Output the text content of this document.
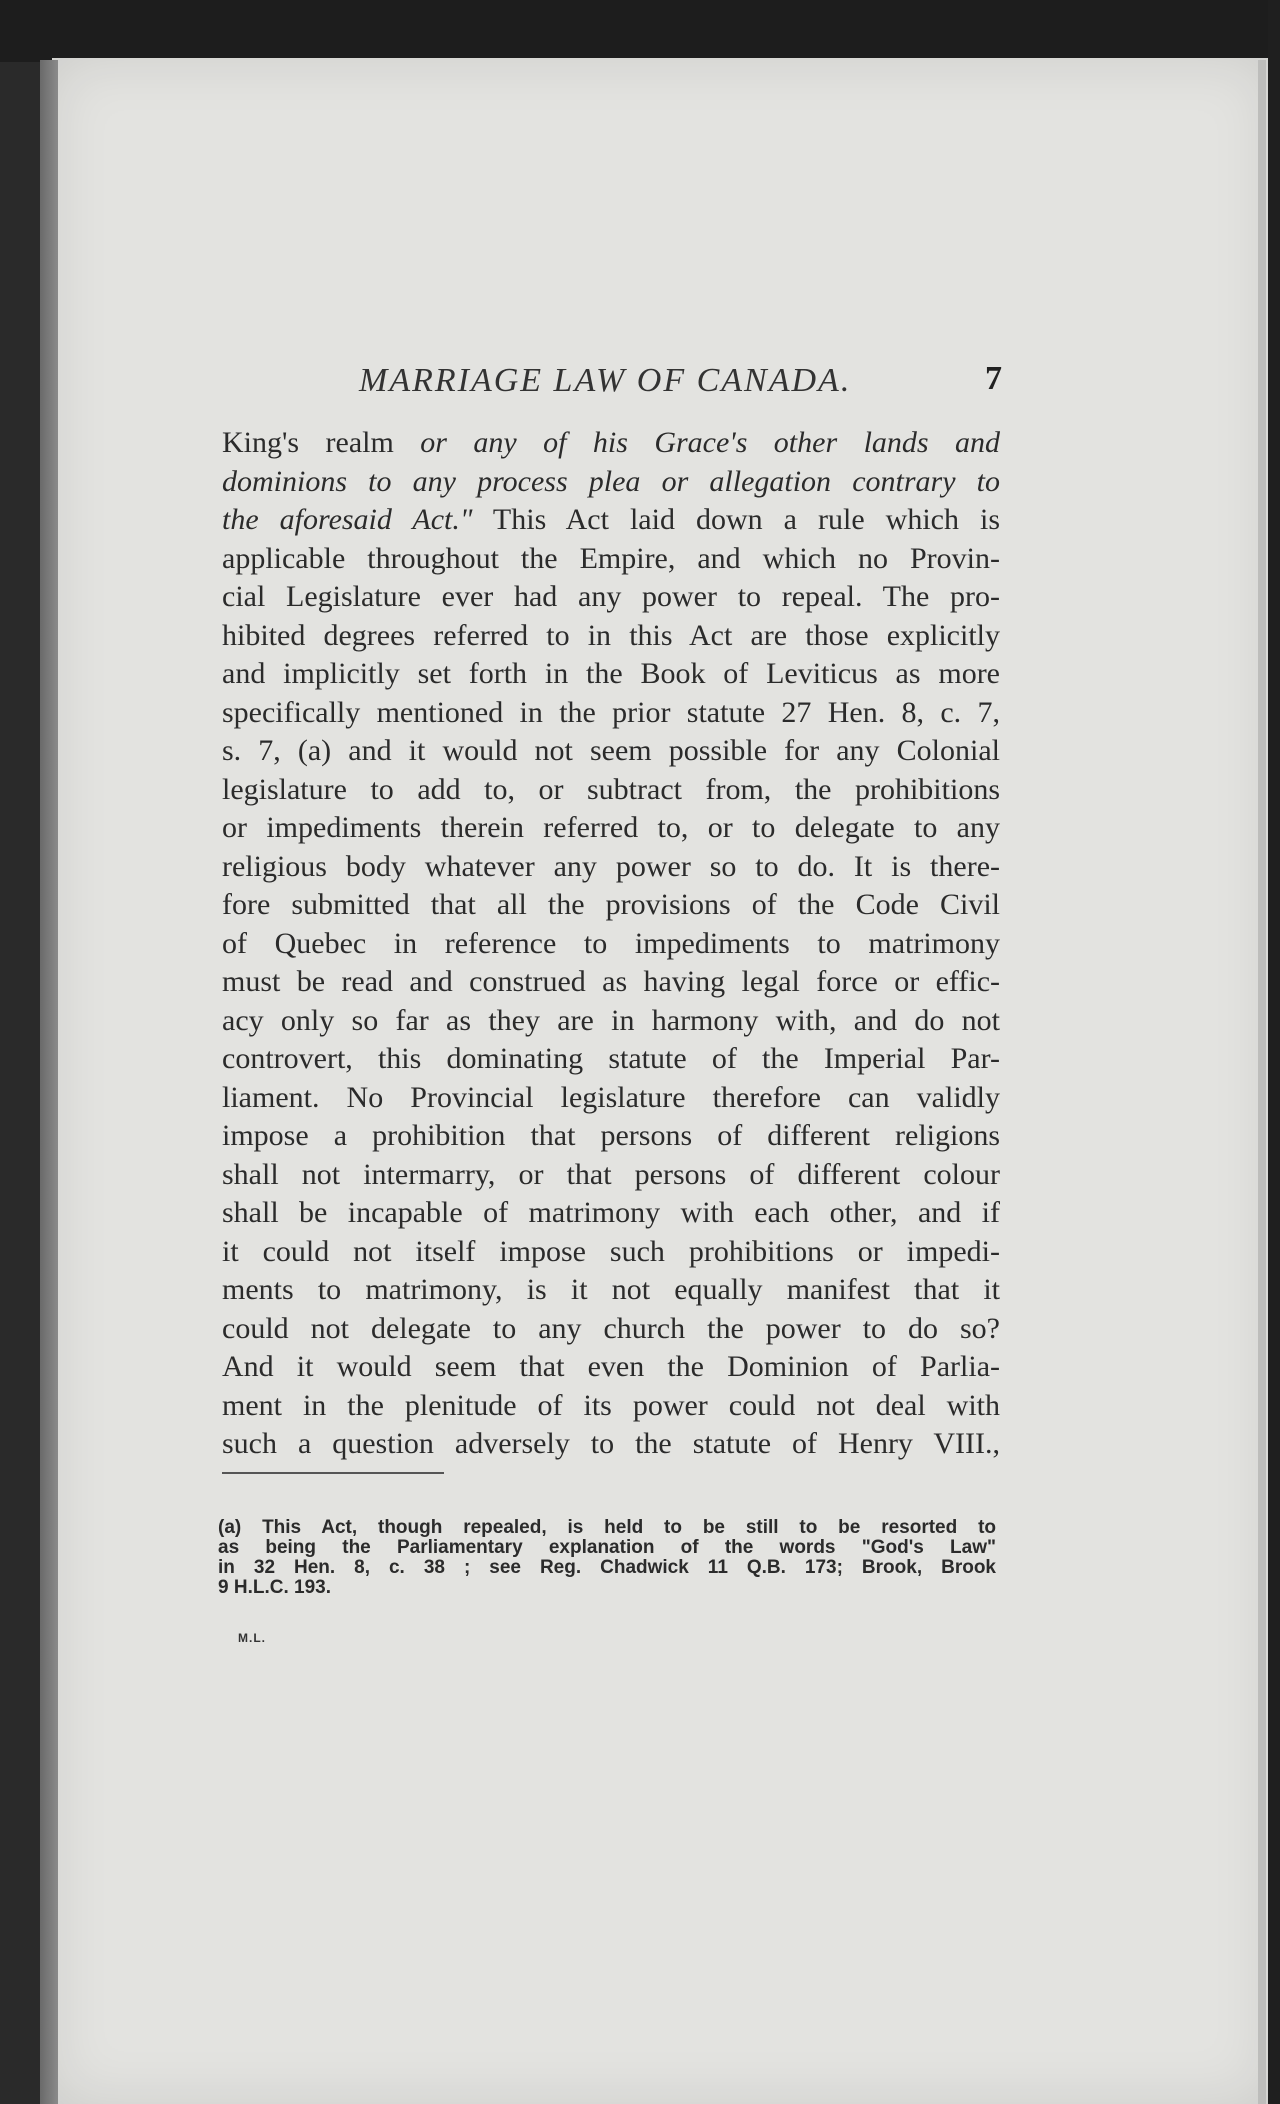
MARRIAGE LAW OF CANADA.	7
King's realm or any of his Grace's other lands and
dominions to any process plea or allegation contrary to
the aforesaid Act." This Act laid down a rule which is
applicable throughout the Empire, and which no Provin-
cial Legislature ever had any power to repeal. The pro-
hibited degrees referred to in this Act are those explicitly
and implicitly set forth in the Book of Leviticus as more
specifically mentioned in the prior statute 27 Hen. 8, c. 7,
s. 7, (a) and it would not seem possible for any Colonial
legislature to add to, or subtract from, the prohibitions
or impediments therein referred to, or to delegate to any
religious body whatever any power so to do. It is there-
fore submitted that all the provisions of the Code Civil
of Quebec in reference to impediments to matrimony
must be read and construed as having legal force or effic-
acy only so far as they are in harmony with, and do not
controvert, this dominating statute of the Imperial Par-
liament. No Provincial legislature therefore can validly
impose a prohibition that persons of different religions
shall not intermarry, or that persons of different colour
shall be incapable of matrimony with each other, and if
it could not itself impose such prohibitions or impedi-
ments to matrimony, is it not equally manifest that it
could not delegate to any church the power to do so?
And it would seem that even the Dominion of Parlia-
ment in the plenitude of its power could not deal with
such a question adversely to the statute of Henry VIII.,
(a) This Act, though repealed, is held to be still to be resorted to
as being the Parliamentary explanation of the words "God's Law"
in 32 Hen. 8, c. 38 ; see Reg. Chadwick 11 Q.B. 173; Brook, Brook
9 H.L.C. 193.
M.L.
